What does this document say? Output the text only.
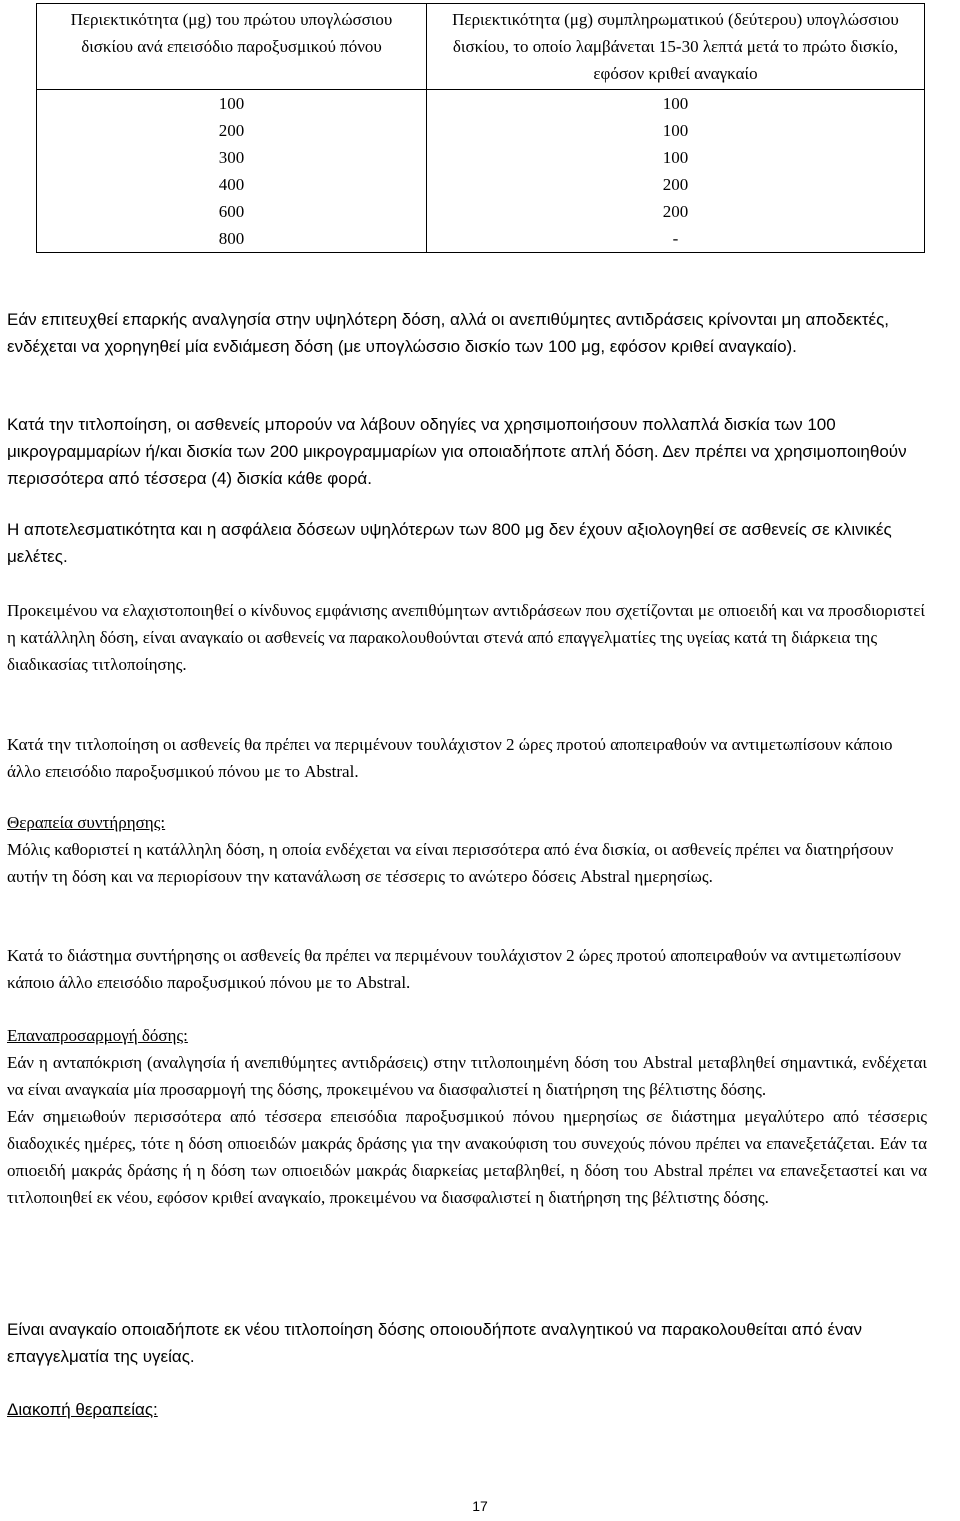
Περιεκτικότητα (μg) του πρώτου υπογλώσσιου δισκίου ανά επεισόδιο παροξυσμικού πόνου	Περιεκτικότητα (μg) συμπληρωματικού (δεύτερου) υπογλώσσιου δισκίου, το οποίο λαμβάνεται 15-30 λεπτά μετά το πρώτο δισκίο, εφόσον κριθεί αναγκαίο
100	100
200	100
300	100
400	200
600	200
800	-

Εάν επιτευχθεί επαρκής αναλγησία στην υψηλότερη δόση, αλλά οι ανεπιθύμητες αντιδράσεις κρίνονται μη αποδεκτές, ενδέχεται να χορηγηθεί μία ενδιάμεση δόση (με υπογλώσσιο δισκίο των 100 μg, εφόσον κριθεί αναγκαίο).

Κατά την τιτλοποίηση, οι ασθενείς μπορούν να λάβουν οδηγίες να χρησιμοποιήσουν πολλαπλά δισκία των 100 μικρογραμμαρίων ή/και δισκία των 200 μικρογραμμαρίων για οποιαδήποτε απλή δόση. Δεν πρέπει να χρησιμοποιηθούν περισσότερα από τέσσερα (4) δισκία κάθε φορά.

Η αποτελεσματικότητα και η ασφάλεια δόσεων υψηλότερων των 800 μg δεν έχουν αξιολογηθεί σε ασθενείς σε κλινικές μελέτες.

Προκειμένου να ελαχιστοποιηθεί ο κίνδυνος εμφάνισης ανεπιθύμητων αντιδράσεων που σχετίζονται με οπιοειδή και να προσδιοριστεί η κατάλληλη δόση, είναι αναγκαίο οι ασθενείς να παρακολουθούνται στενά από επαγγελματίες της υγείας κατά τη διάρκεια της διαδικασίας τιτλοποίησης.

Κατά την τιτλοποίηση οι ασθενείς θα πρέπει να περιμένουν τουλάχιστον 2 ώρες προτού αποπειραθούν να αντιμετωπίσουν κάποιο άλλο επεισόδιο παροξυσμικού πόνου με το Abstral.

Θεραπεία συντήρησης:
Μόλις καθοριστεί η κατάλληλη δόση, η οποία ενδέχεται να είναι περισσότερα από ένα δισκία, οι ασθενείς πρέπει να διατηρήσουν αυτήν τη δόση και να περιορίσουν την κατανάλωση σε τέσσερις το ανώτερο δόσεις Abstral ημερησίως.

Κατά το διάστημα συντήρησης οι ασθενείς θα πρέπει να περιμένουν τουλάχιστον 2 ώρες προτού αποπειραθούν να αντιμετωπίσουν κάποιο άλλο επεισόδιο παροξυσμικού πόνου με το Abstral.

Επαναπροσαρμογή δόσης:
Εάν η ανταπόκριση (αναλγησία ή ανεπιθύμητες αντιδράσεις) στην τιτλοποιημένη δόση του Abstral μεταβληθεί σημαντικά, ενδέχεται να είναι αναγκαία μία προσαρμογή της δόσης, προκειμένου να διασφαλιστεί η διατήρηση της βέλτιστης δόσης.
Εάν σημειωθούν περισσότερα από τέσσερα επεισόδια παροξυσμικού πόνου ημερησίως σε διάστημα μεγαλύτερο από τέσσερις διαδοχικές ημέρες, τότε η δόση οπιοειδών μακράς δράσης για την ανακούφιση του συνεχούς πόνου πρέπει να επανεξετάζεται. Εάν τα οπιοειδή μακράς δράσης ή η δόση των οπιοειδών μακράς διαρκείας μεταβληθεί, η δόση του Abstral πρέπει να επανεξεταστεί και να τιτλοποιηθεί εκ νέου, εφόσον κριθεί αναγκαίο, προκειμένου να διασφαλιστεί η διατήρηση της βέλτιστης δόσης.

Είναι αναγκαίο οποιαδήποτε εκ νέου τιτλοποίηση δόσης οποιουδήποτε αναλγητικού να παρακολουθείται από έναν επαγγελματία της υγείας.

Διακοπή θεραπείας:

17
